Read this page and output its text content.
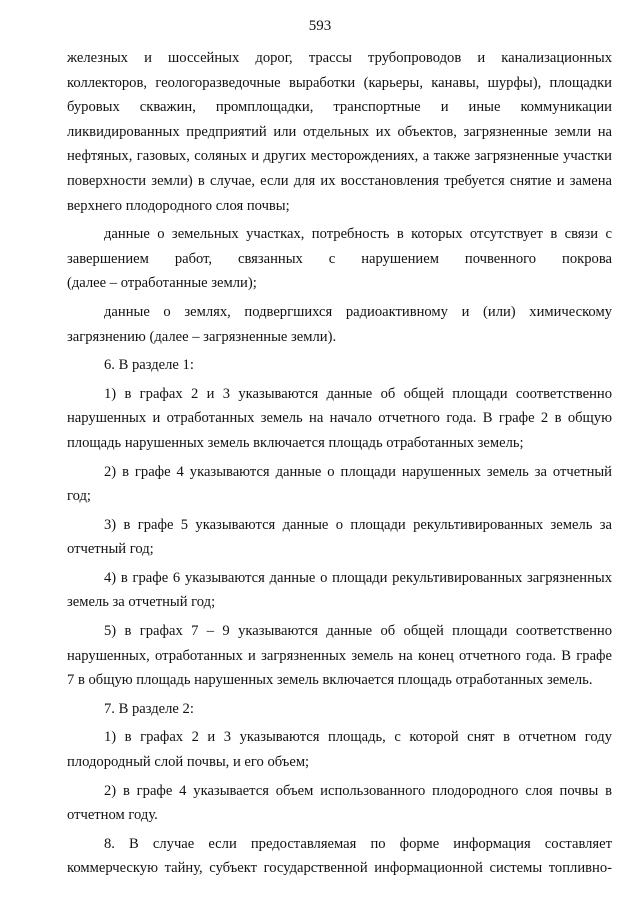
593
железных и шоссейных дорог, трассы трубопроводов и канализационных
коллекторов, геологоразведочные выработки (карьеры, канавы, шурфы), площадки
буровых скважин, промплощадки, транспортные и иные коммуникации
ликвидированных предприятий или отдельных их объектов, загрязненные земли на
нефтяных, газовых, соляных и других месторождениях, а также загрязненные участки
поверхности земли) в случае, если для их восстановления требуется снятие и замена
верхнего плодородного слоя почвы;
данные о земельных участках, потребность в которых отсутствует в связи с
завершением работ, связанных с нарушением почвенного покрова
(далее – отработанные земли);
данные о землях, подвергшихся радиоактивному и (или) химическому
загрязнению (далее – загрязненные земли).
6. В разделе 1:
1) в графах 2 и 3 указываются данные об общей площади соответственно
нарушенных и отработанных земель на начало отчетного года. В графе 2 в общую
площадь нарушенных земель включается площадь отработанных земель;
2) в графе 4 указываются данные о площади нарушенных земель за отчетный
год;
3) в графе 5 указываются данные о площади рекультивированных земель за
отчетный год;
4) в графе 6 указываются данные о площади рекультивированных загрязненных
земель за отчетный год;
5) в графах 7 – 9 указываются данные об общей площади соответственно
нарушенных, отработанных и загрязненных земель на конец отчетного года. В графе
7 в общую площадь нарушенных земель включается площадь отработанных земель.
7. В разделе 2:
1) в графах 2 и 3 указываются площадь, с которой снят в отчетном году
плодородный слой почвы, и его объем;
2) в графе 4 указывается объем использованного плодородного слоя почвы в
отчетном году.
8. В случае если предоставляемая по форме информация составляет
коммерческую тайну, субъект государственной информационной системы топливно-
